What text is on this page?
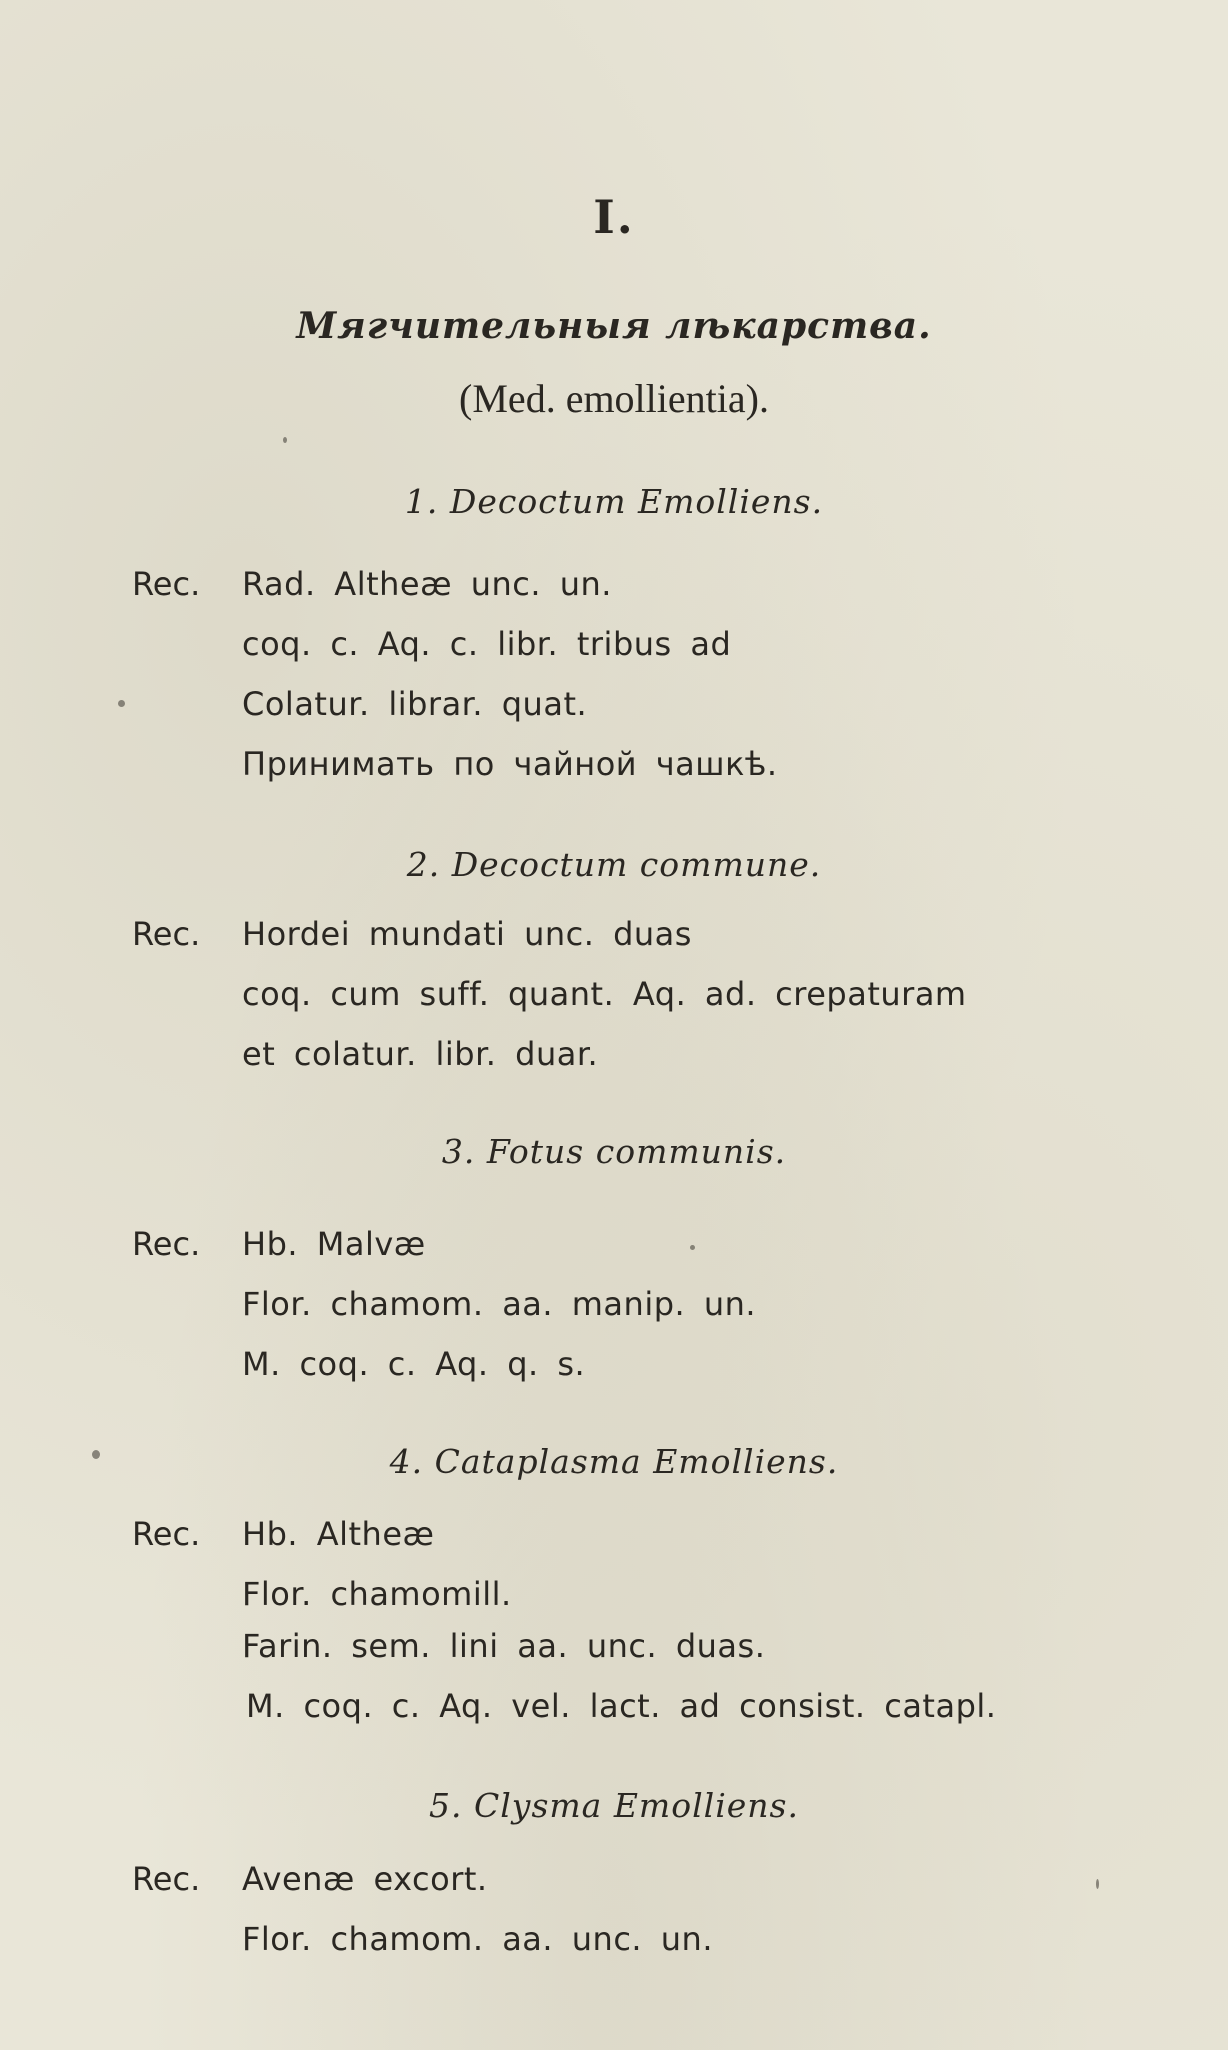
I.
Мягчительныя лѣкарства.
(Med. emollientia).
1. Decoctum Emolliens.
Rec. Rad. Altheæ unc. un.
coq. c. Aq. c. libr. tribus ad
Colatur. librar. quat.
Принимать по чайной чашкѣ.
2. Decoctum commune.
Rec. Hordei mundati unc. duas
coq. cum suff. quant. Aq. ad. crepaturam
et colatur. libr. duar.
3. Fotus communis.
Rec. Hb. Malvæ
Flor. chamom. aa. manip. un.
M. coq. c. Aq. q. s.
4. Cataplasma Emolliens.
Rec. Hb. Altheæ
Flor. chamomill.
Farin. sem. lini aa. unc. duas.
M. coq. c. Aq. vel. lact. ad consist. catapl.
5. Clysma Emolliens.
Rec. Avenæ excort.
Flor. chamom. aa. unc. un.
